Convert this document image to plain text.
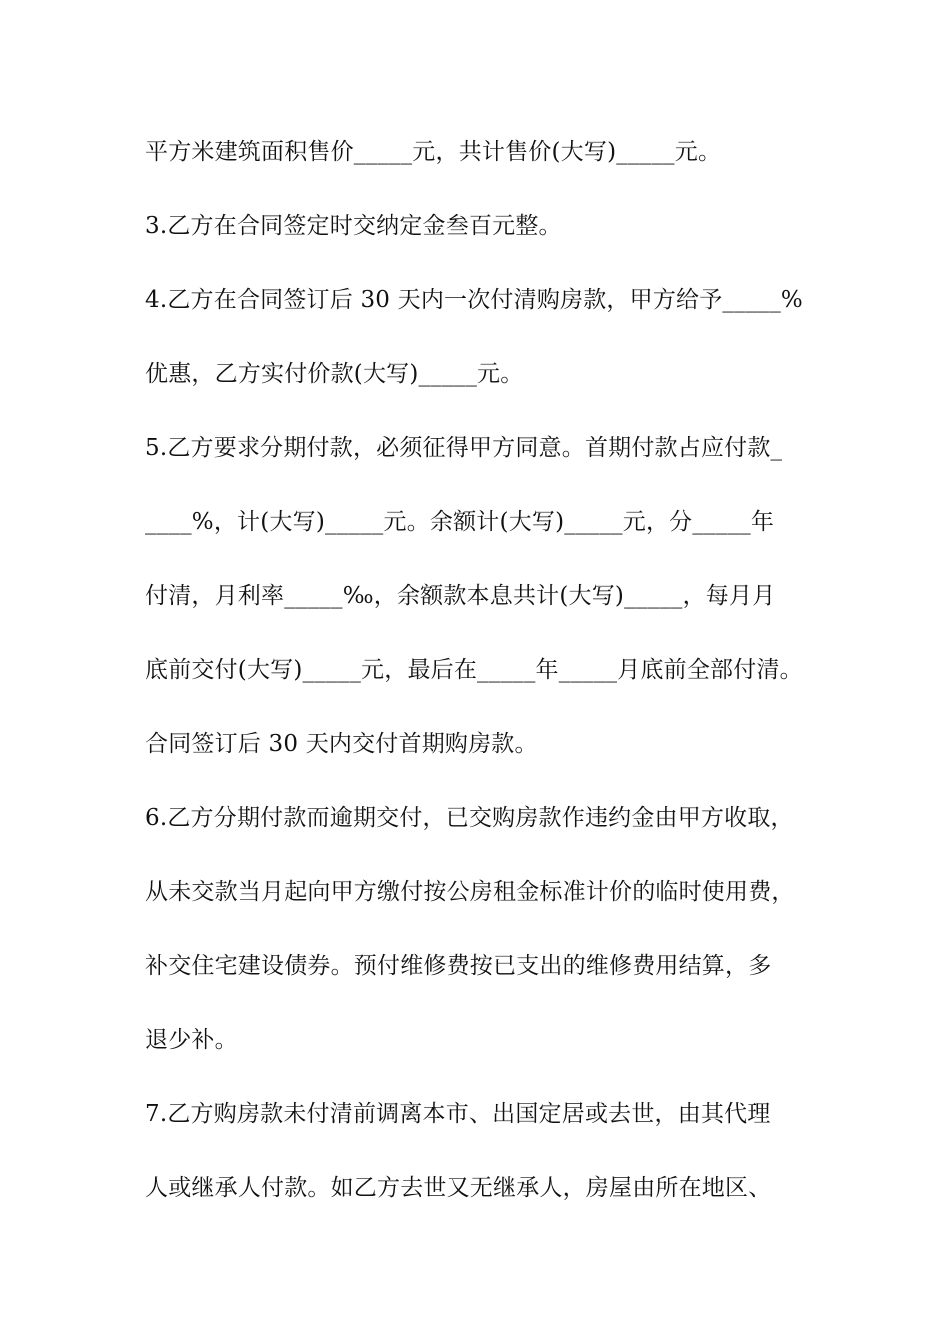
平方米建筑面积售价_____元，共计售价(大写)_____元。
3.乙方在合同签定时交纳定金叁百元整。
4.乙方在合同签订后 30 天内一次付清购房款，甲方给予_____%
优惠，乙方实付价款(大写)_____元。
5.乙方要求分期付款，必须征得甲方同意。首期付款占应付款_
____%，计(大写)_____元。余额计(大写)_____元，分_____年
付清，月利率_____‰，余额款本息共计(大写)_____，每月月
底前交付(大写)_____元，最后在_____年_____月底前全部付清。
合同签订后 30 天内交付首期购房款。
6.乙方分期付款而逾期交付，已交购房款作违约金由甲方收取，
从未交款当月起向甲方缴付按公房租金标准计价的临时使用费，
补交住宅建设债券。预付维修费按已支出的维修费用结算，多
退少补。
7.乙方购房款未付清前调离本市、出国定居或去世，由其代理
人或继承人付款。如乙方去世又无继承人，房屋由所在地区、
